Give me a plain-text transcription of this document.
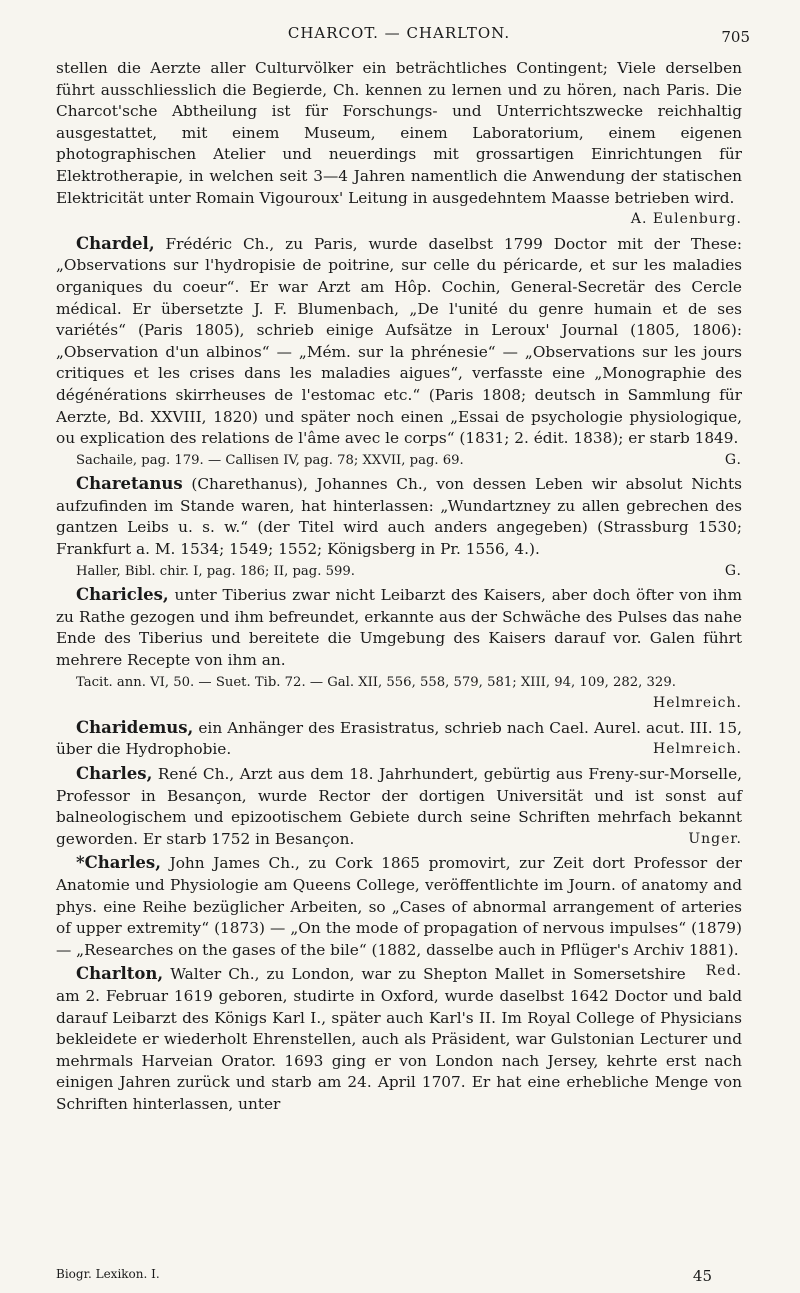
CHARCOT. — CHARLTON.	705

stellen die Aerzte aller Culturvölker ein beträchtliches Contingent; Viele derselben führt ausschliesslich die Begierde, Ch. kennen zu lernen und zu hören, nach Paris. Die Charcot'sche Abtheilung ist für Forschungs- und Unterrichtszwecke reichhaltig ausgestattet, mit einem Museum, einem Laboratorium, einem eigenen photographischen Atelier und neuerdings mit grossartigen Einrichtungen für Elektrotherapie, in welchen seit 3—4 Jahren namentlich die Anwendung der statischen Elektricität unter Romain Vigouroux' Leitung in ausgedehntem Maasse betrieben wird.

A. Eulenburg.

Chardel, Frédéric Ch., zu Paris, wurde daselbst 1799 Doctor mit der These: „Observations sur l'hydropisie de poitrine, sur celle du péricarde, et sur les maladies organiques du coeur“. Er war Arzt am Hôp. Cochin, General-Secretär des Cercle médical. Er übersetzte J. F. Blumenbach, „De l'unité du genre humain et de ses variétés“ (Paris 1805), schrieb einige Aufsätze in Leroux' Journal (1805, 1806): „Observation d'un albinos“ — „Mém. sur la phrénesie“ — „Observations sur les jours critiques et les crises dans les maladies aigues“, verfasste eine „Monographie des dégénérations skirrheuses de l'estomac etc.“ (Paris 1808; deutsch in Sammlung für Aerzte, Bd. XXVIII, 1820) und später noch einen „Essai de psychologie physiologique, ou explication des relations de l'âme avec le corps“ (1831; 2. édit. 1838); er starb 1849.

Sachaile, pag. 179. — Callisen IV, pag. 78; XXVII, pag. 69.	G.

Charetanus (Charethanus), Johannes Ch., von dessen Leben wir absolut Nichts aufzufinden im Stande waren, hat hinterlassen: „Wundartzney zu allen gebrechen des gantzen Leibs u. s. w.“ (der Titel wird auch anders angegeben) (Strassburg 1530; Frankfurt a. M. 1534; 1549; 1552; Königsberg in Pr. 1556, 4.).

Haller, Bibl. chir. I, pag. 186; II, pag. 599.	G.

Charicles, unter Tiberius zwar nicht Leibarzt des Kaisers, aber doch öfter von ihm zu Rathe gezogen und ihm befreundet, erkannte aus der Schwäche des Pulses das nahe Ende des Tiberius und bereitete die Umgebung des Kaisers darauf vor. Galen führt mehrere Recepte von ihm an.

Tacit. ann. VI, 50. — Suet. Tib. 72. — Gal. XII, 556, 558, 579, 581; XIII, 94, 109, 282, 329.

Helmreich.

Charidemus, ein Anhänger des Erasistratus, schrieb nach Cael. Aurel. acut. III. 15, über die Hydrophobie.	Helmreich.

Charles, René Ch., Arzt aus dem 18. Jahrhundert, gebürtig aus Freny-sur-Morselle, Professor in Besançon, wurde Rector der dortigen Universität und ist sonst auf balneologischem und epizootischem Gebiete durch seine Schriften mehrfach bekannt geworden. Er starb 1752 in Besançon.	Unger.

*Charles, John James Ch., zu Cork 1865 promovirt, zur Zeit dort Professor der Anatomie und Physiologie am Queens College, veröffentlichte im Journ. of anatomy and phys. eine Reihe bezüglicher Arbeiten, so „Cases of abnormal arrangement of arteries of upper extremity“ (1873) — „On the mode of propagation of nervous impulses“ (1879) — „Researches on the gases of the bile“ (1882, dasselbe auch in Pflüger's Archiv 1881).
Red.

Charlton, Walter Ch., zu London, war zu Shepton Mallet in Somersetshire am 2. Februar 1619 geboren, studirte in Oxford, wurde daselbst 1642 Doctor und bald darauf Leibarzt des Königs Karl I., später auch Karl's II. Im Royal College of Physicians bekleidete er wiederholt Ehrenstellen, auch als Präsident, war Gulstonian Lecturer und mehrmals Harveian Orator. 1693 ging er von London nach Jersey, kehrte erst nach einigen Jahren zurück und starb am 24. April 1707. Er hat eine erhebliche Menge von Schriften hinterlassen, unter

Biogr. Lexikon. I.	45
